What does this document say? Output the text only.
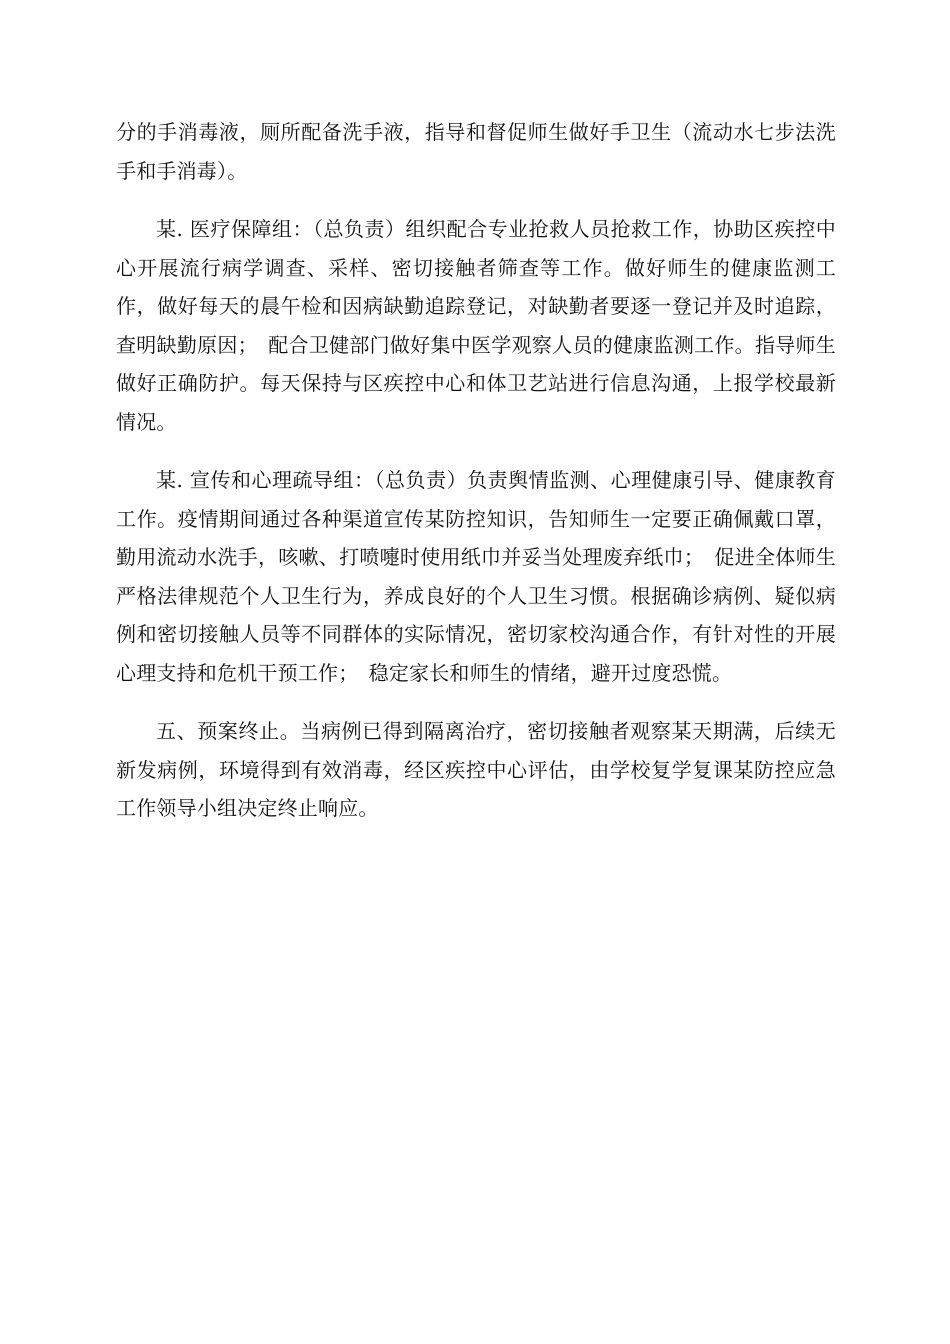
分的手消毒液，厕所配备洗手液，指导和督促师生做好手卫生（流动水七步法洗手和手消毒）。

某. 医疗保障组：（总负责）组织配合专业抢救人员抢救工作，协助区疾控中心开展流行病学调查、采样、密切接触者筛查等工作。做好师生的健康监测工作，做好每天的晨午检和因病缺勤追踪登记，对缺勤者要逐一登记并及时追踪，查明缺勤原因；　配合卫健部门做好集中医学观察人员的健康监测工作。指导师生做好正确防护。每天保持与区疾控中心和体卫艺站进行信息沟通，上报学校最新情况。

某. 宣传和心理疏导组：（总负责）负责舆情监测、心理健康引导、健康教育工作。疫情期间通过各种渠道宣传某防控知识，告知师生一定要正确佩戴口罩，勤用流动水洗手，咳嗽、打喷嚏时使用纸巾并妥当处理废弃纸巾；　促进全体师生严格法律规范个人卫生行为，养成良好的个人卫生习惯。根据确诊病例、疑似病例和密切接触人员等不同群体的实际情况，密切家校沟通合作，有针对性的开展心理支持和危机干预工作；　稳定家长和师生的情绪，避开过度恐慌。

五、预案终止。当病例已得到隔离治疗，密切接触者观察某天期满，后续无新发病例，环境得到有效消毒，经区疾控中心评估，由学校复学复课某防控应急工作领导小组决定终止响应。
